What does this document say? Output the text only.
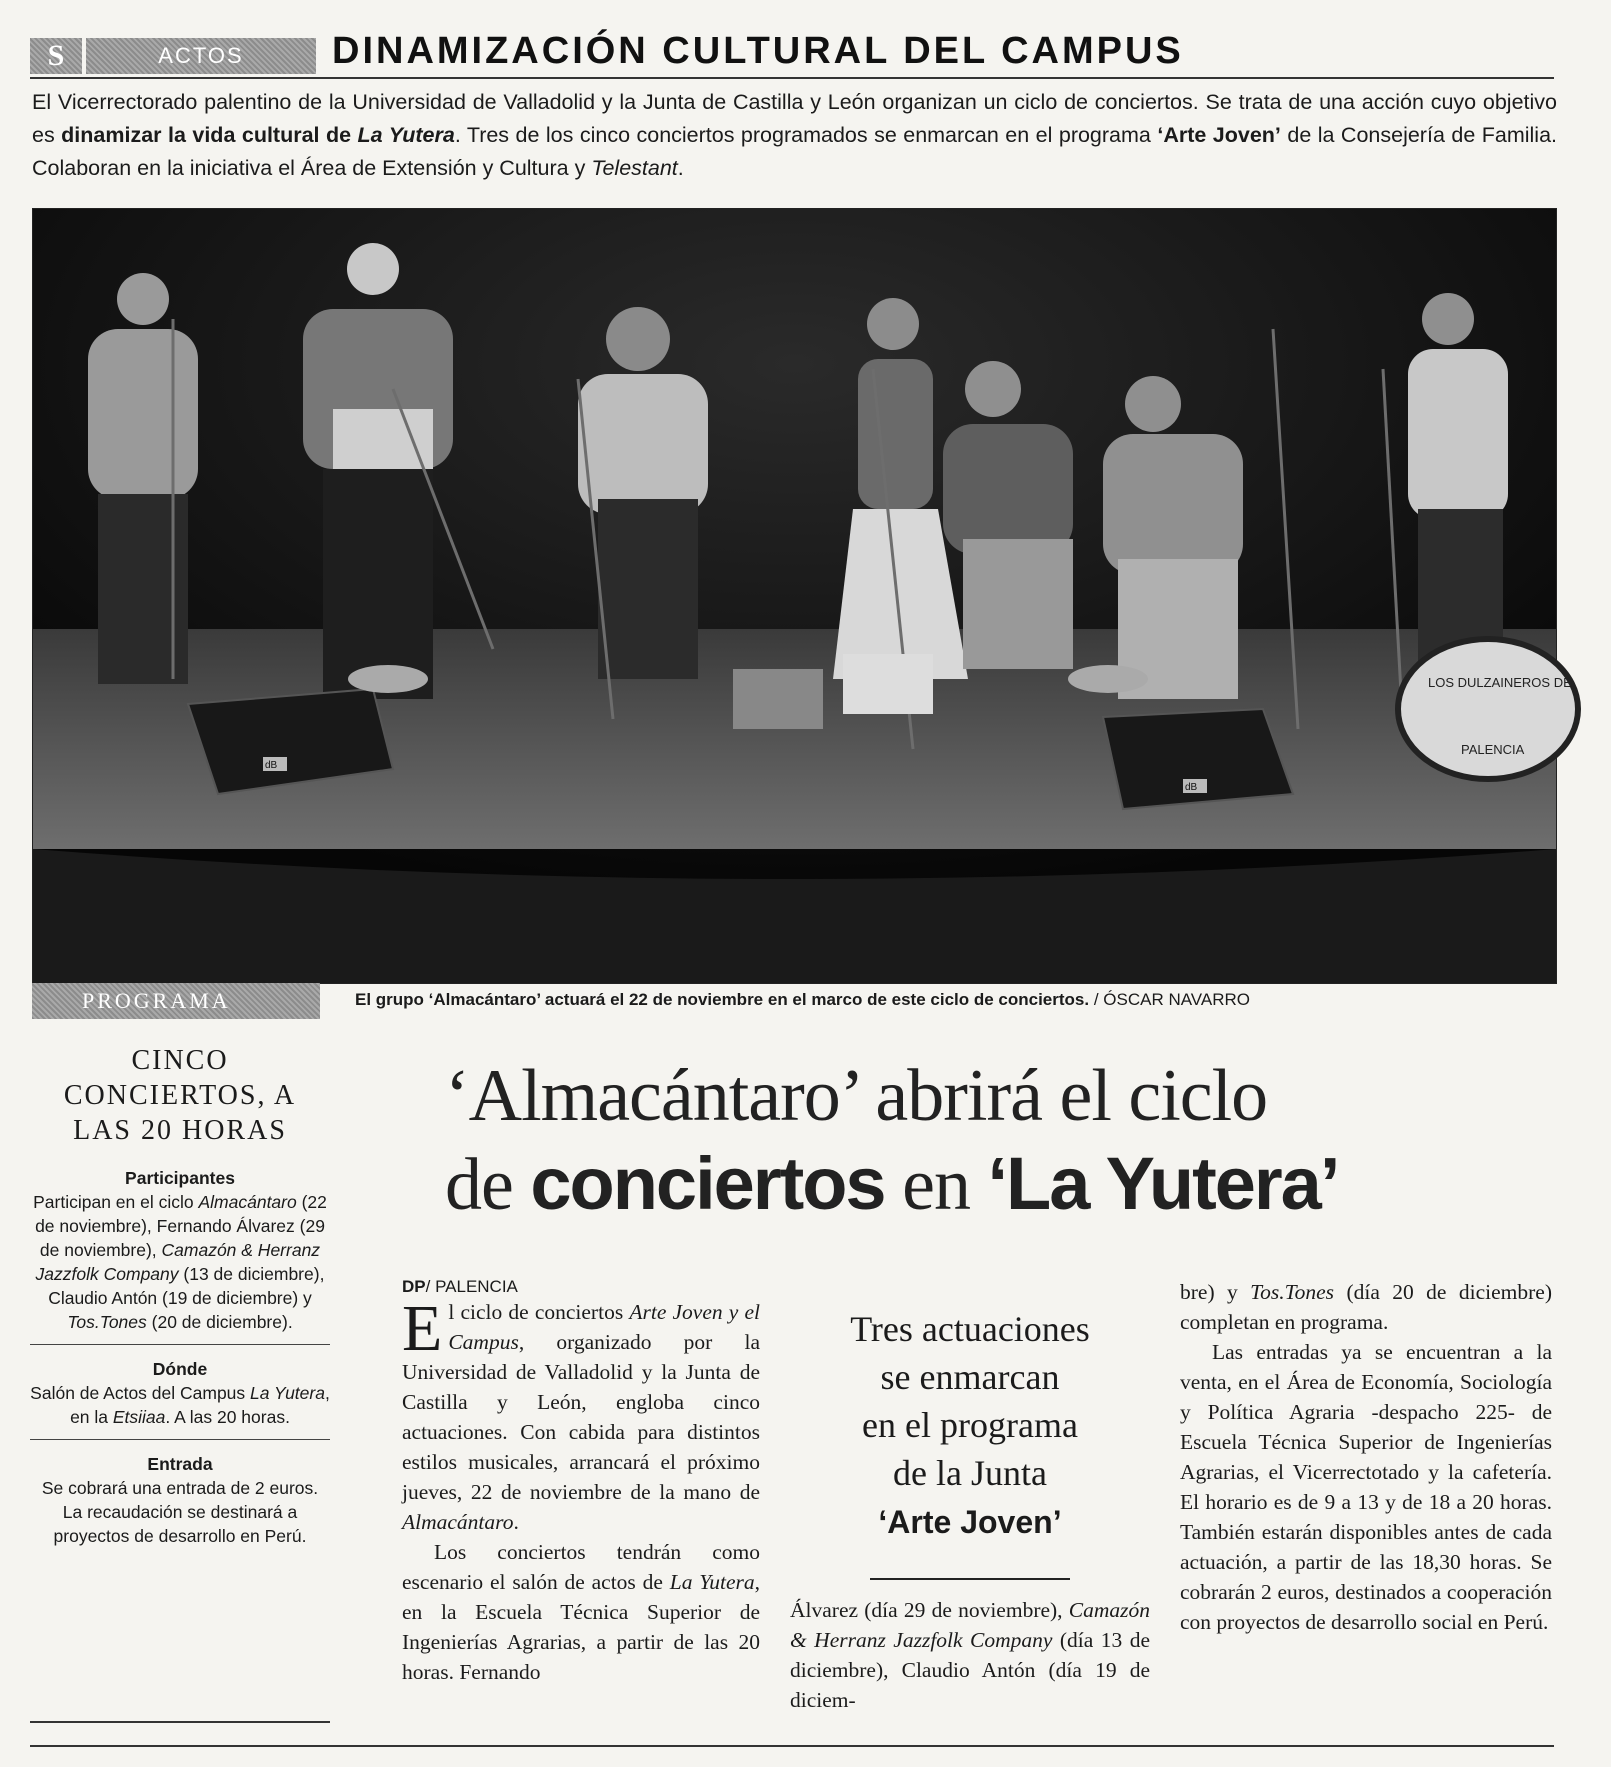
S	ACTOS	DINAMIZACIÓN CULTURAL DEL CAMPUS
El Vicerrectorado palentino de la Universidad de Valladolid y la Junta de Castilla y León organizan un ciclo de conciertos. Se trata de una acción cuyo objetivo es dinamizar la vida cultural de La Yutera. Tres de los cinco conciertos programados se enmarcan en el programa ‘Arte Joven’ de la Consejería de Familia. Colaboran en la iniciativa el Área de Extensión y Cultura y Telestant.
dB
dB
LOS DULZAINEROS DE
PALENCIA
PROGRAMA	El grupo ‘Almacántaro’ actuará el 22 de noviembre en el marco de este ciclo de conciertos. / ÓSCAR NAVARRO
CINCO
CONCIERTOS, A
LAS 20 HORAS
Participantes
Participan en el ciclo Almacántaro (22 de noviembre), Fernando Álvarez (29 de noviembre), Camazón & Herranz Jazzfolk Company (13 de diciembre), Claudio Antón (19 de diciembre) y Tos.Tones (20 de diciembre).
Dónde
Salón de Actos del Campus La Yutera, en la Etsiiaa. A las 20 horas.
Entrada
Se cobrará una entrada de 2 euros. La recaudación se destinará a proyectos de desarrollo en Perú.
‘Almacántaro’ abrirá el ciclo
de conciertos en ‘La Yutera’
DP/ PALENCIA
El ciclo de conciertos Arte Joven y el Campus, organizado por la Universidad de Valladolid y la Junta de Castilla y León, engloba cinco actuaciones. Con cabida para distintos estilos musicales, arrancará el próximo jueves, 22 de noviembre de la mano de Almacántaro.
Los conciertos tendrán como escenario el salón de actos de La Yutera, en la Escuela Técnica Superior de Ingenierías Agrarias, a partir de las 20 horas. Fernando
Tres actuaciones
se enmarcan
en el programa
de la Junta
‘Arte Joven’
Álvarez (día 29 de noviembre), Camazón & Herranz Jazzfolk Company (día 13 de diciembre), Claudio Antón (día 19 de diciem-
bre) y Tos.Tones (día 20 de diciembre) completan en programa.
Las entradas ya se encuentran a la venta, en el Área de Economía, Sociología y Política Agraria -despacho 225- de Escuela Técnica Superior de Ingenierías Agrarias, el Vicerrectotado y la cafetería. El horario es de 9 a 13 y de 18 a 20 horas. También estarán disponibles antes de cada actuación, a partir de las 18,30 horas. Se cobrarán 2 euros, destinados a cooperación con proyectos de desarrollo social en Perú.
